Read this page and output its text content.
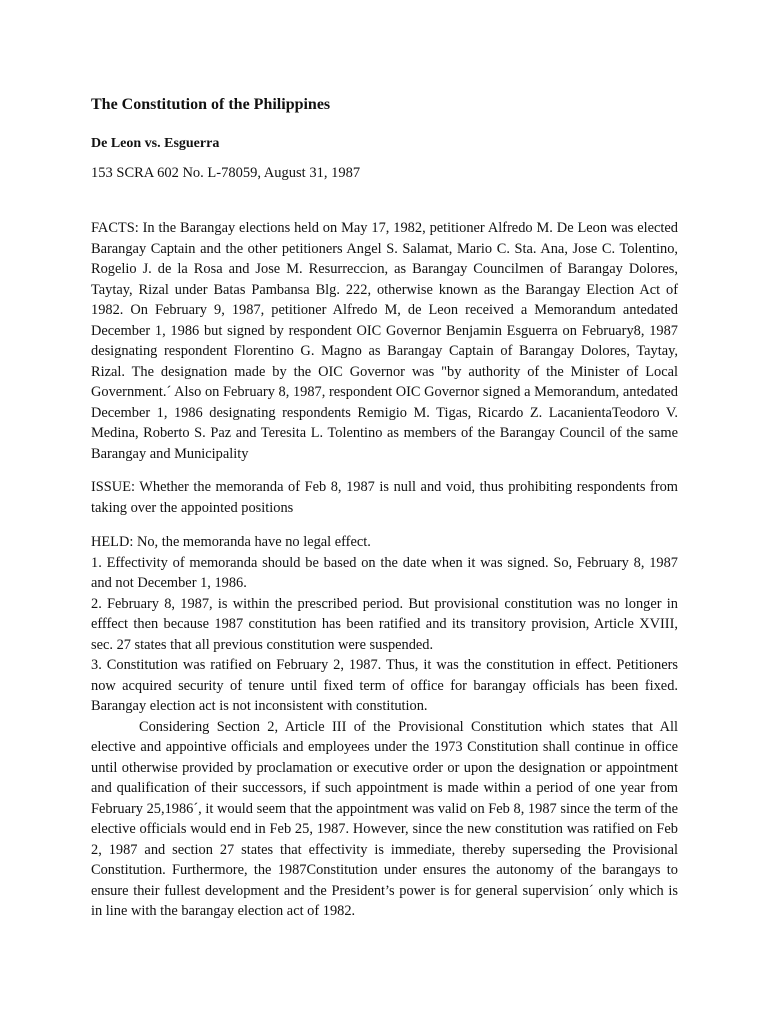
The Constitution of the Philippines
De Leon vs. Esguerra
153 SCRA 602 No. L-78059, August 31, 1987
FACTS: In the Barangay elections held on May 17, 1982, petitioner Alfredo M. De Leon was elected Barangay Captain and the other petitioners Angel S. Salamat, Mario C. Sta. Ana, Jose C. Tolentino, Rogelio J. de la Rosa and Jose M. Resurreccion, as Barangay Councilmen of Barangay Dolores, Taytay, Rizal under Batas Pambansa Blg. 222, otherwise known as the Barangay Election Act of 1982. On February 9, 1987, petitioner Alfredo M, de Leon received a Memorandum antedated December 1, 1986 but signed by respondent OIC Governor Benjamin Esguerra on February8, 1987 designating respondent Florentino G. Magno as Barangay Captain of Barangay Dolores, Taytay, Rizal. The designation made by the OIC Governor was "by authority of the Minister of Local Government.´ Also on February 8, 1987, respondent OIC Governor signed a Memorandum, antedated December 1, 1986 designating respondents Remigio M. Tigas, Ricardo Z. LacanientaTeodoro V. Medina, Roberto S. Paz and Teresita L. Tolentino as members of the Barangay Council of the same Barangay and Municipality
ISSUE: Whether the memoranda of Feb 8, 1987 is null and void, thus prohibiting respondents from taking over the appointed positions
HELD: No, the memoranda have no legal effect.
1. Effectivity of memoranda should be based on the date when it was signed. So, February 8, 1987 and not December 1, 1986.
2. February 8, 1987, is within the prescribed period. But provisional constitution was no longer in efffect then because 1987 constitution has been ratified and its transitory provision, Article XVIII, sec. 27 states that all previous constitution were suspended.
3. Constitution was ratified on February 2, 1987. Thus, it was the constitution in effect. Petitioners now acquired security of tenure until fixed term of office for barangay officials has been fixed. Barangay election act is not inconsistent with constitution.
Considering Section 2, Article III of the Provisional Constitution which states that All elective and appointive officials and employees under the 1973 Constitution shall continue in office until otherwise provided by proclamation or executive order or upon the designation or appointment and qualification of their successors, if such appointment is made within a period of one year from February 25,1986´, it would seem that the appointment was valid on Feb 8, 1987 since the term of the elective officials would end in Feb 25, 1987. However, since the new constitution was ratified on Feb 2, 1987 and section 27 states that effectivity is immediate, thereby superseding the Provisional Constitution. Furthermore, the 1987Constitution under ensures the autonomy of the barangays to ensure their fullest development and the President’s power is for general supervision´ only which is in line with the barangay election act of 1982.
